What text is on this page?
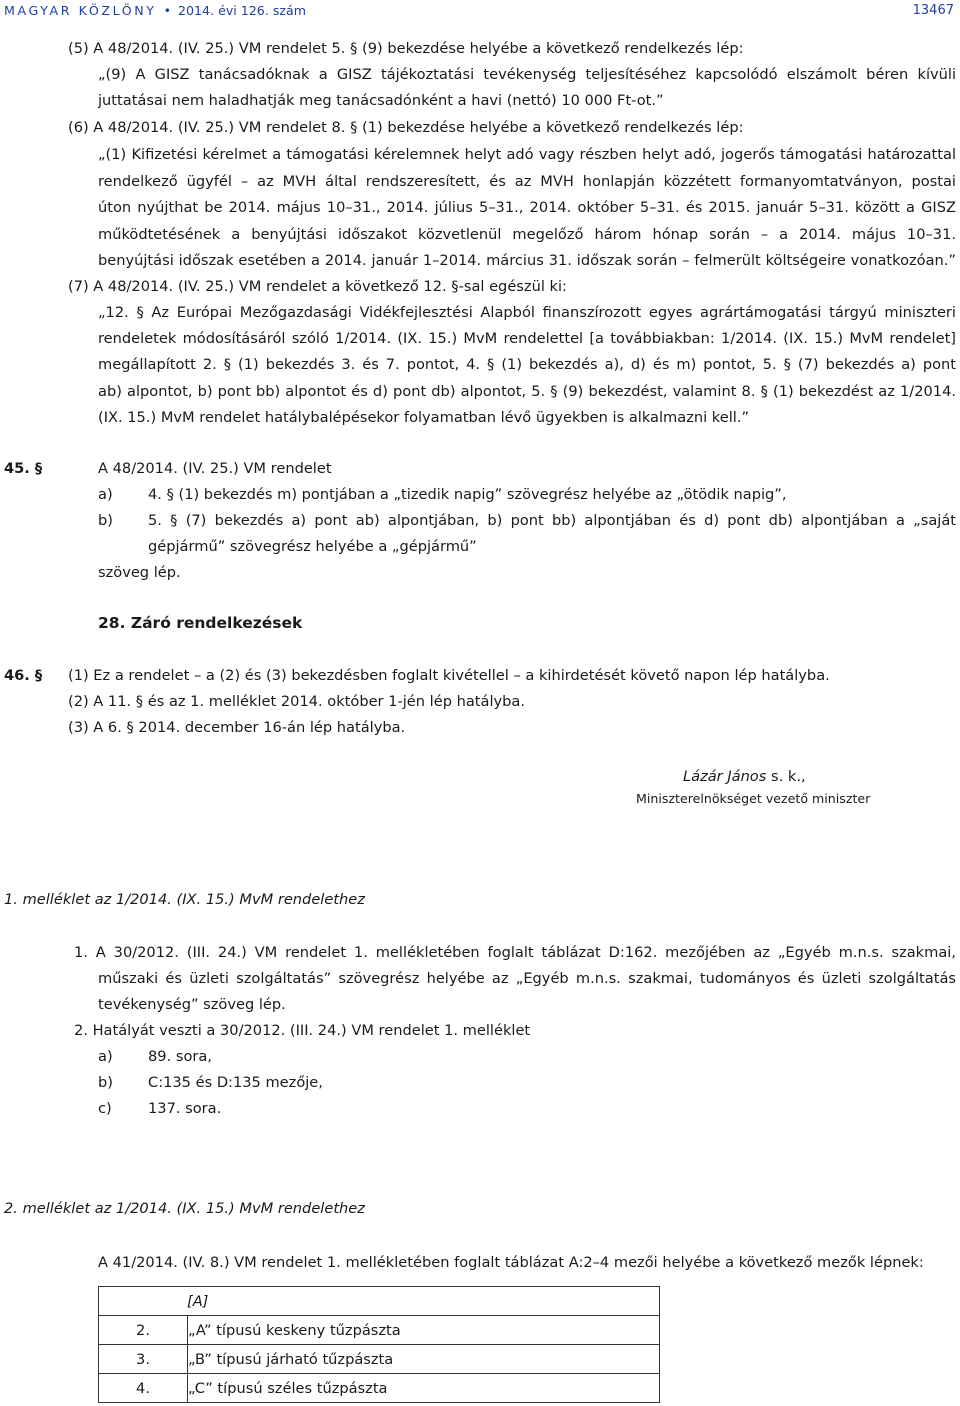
MAGYAR KÖZLÖNY • 2014. évi 126. szám	13467
(5) A 48/2014. (IV. 25.) VM rendelet 5. § (9) bekezdése helyébe a következő rendelkezés lép:
„(9) A GISZ tanácsadóknak a GISZ tájékoztatási tevékenység teljesítéséhez kapcsolódó elszámolt béren kívüli
juttatásai nem haladhatják meg tanácsadónként a havi (nettó) 10 000 Ft-ot.”
(6) A 48/2014. (IV. 25.) VM rendelet 8. § (1) bekezdése helyébe a következő rendelkezés lép:
„(1) Kifizetési kérelmet a támogatási kérelemnek helyt adó vagy részben helyt adó, jogerős támogatási határozattal
rendelkező ügyfél – az MVH által rendszeresített, és az MVH honlapján közzétett formanyomtatványon, postai
úton nyújthat be 2014. május 10–31., 2014. július 5–31., 2014. október 5–31. és 2015. január 5–31. között a GISZ
működtetésének a benyújtási időszakot közvetlenül megelőző három hónap során – a 2014. május 10–31.
benyújtási időszak esetében a 2014. január 1–2014. március 31. időszak során – felmerült költségeire vonatkozóan.”
(7) A 48/2014. (IV. 25.) VM rendelet a következő 12. §-sal egészül ki:
„12. § Az Európai Mezőgazdasági Vidékfejlesztési Alapból finanszírozott egyes agrártámogatási tárgyú miniszteri
rendeletek módosításáról szóló 1/2014. (IX. 15.) MvM rendelettel [a továbbiakban: 1/2014. (IX. 15.) MvM rendelet]
megállapított 2. § (1) bekezdés 3. és 7. pontot, 4. § (1) bekezdés a), d) és m) pontot, 5. § (7) bekezdés a) pont
ab) alpontot, b) pont bb) alpontot és d) pont db) alpontot, 5. § (9) bekezdést, valamint 8. § (1) bekezdést az 1/2014.
(IX. 15.) MvM rendelet hatálybalépésekor folyamatban lévő ügyekben is alkalmazni kell.”
A 48/2014. (IV. 25.) VM rendelet
a) 4. § (1) bekezdés m) pontjában a „tizedik napig” szövegrész helyébe az „ötödik napig”,
b) 5. § (7) bekezdés a) pont ab) alpontjában, b) pont bb) alpontjában és d) pont db) alpontjában a „saját
gépjármű” szövegrész helyébe a „gépjármű”
szöveg lép.
(1) Ez a rendelet – a (2) és (3) bekezdésben foglalt kivétellel – a kihirdetését követő napon lép hatályba.
(2) A 11. § és az 1. melléklet 2014. október 1-jén lép hatályba.
(3) A 6. § 2014. december 16-án lép hatályba.
1. A 30/2012. (III. 24.) VM rendelet 1. mellékletében foglalt táblázat D:162. mezőjében az „Egyéb m.n.s. szakmai,
műszaki és üzleti szolgáltatás” szövegrész helyébe az „Egyéb m.n.s. szakmai, tudományos és üzleti szolgáltatás
tevékenység” szöveg lép.
2. Hatályát veszti a 30/2012. (III. 24.) VM rendelet 1. melléklet
a) 89. sora,
b) C:135 és D:135 mezője,
c) 137. sora.
A 41/2014. (IV. 8.) VM rendelet 1. mellékletében foglalt táblázat A:2–4 mezői helyébe a következő mezők lépnek:
45. §
28. Záró rendelkezések
46. §
Lázár János s. k.,
Miniszterelnökséget vezető miniszter
1. melléklet az 1/2014. (IX. 15.) MvM rendelethez
2. melléklet az 1/2014. (IX. 15.) MvM rendelethez
[A]	
2.	„A” típusú keskeny tűzpászta
3.	„B” típusú járható tűzpászta
4.	„C” típusú széles tűzpászta
